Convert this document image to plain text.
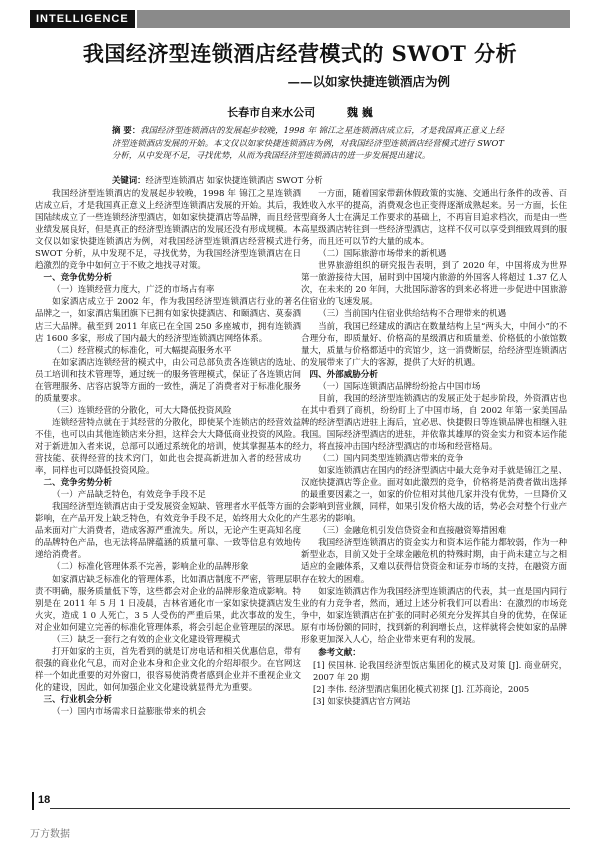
INTELLIGENCE
我国经济型连锁酒店经营模式的 SWOT 分析
——以如家快捷连锁酒店为例
长春市自来水公司	魏 巍
摘 要：我国经济型连锁酒店的发展起步较晚，1998 年 锦江之星连锁酒店成立后，才是我国真正意义上经济型连锁酒店发展的开始。本文仅以如家快捷连锁酒店为例，对我国经济型连锁酒店经营模式进行 SWOT 分析，从中发现不足，寻找优势，从而为我国经济型连锁酒店的进一步发展提出建议。
关键词：经济型连锁酒店 如家快捷连锁酒店 SWOT 分析

我国经济型连锁酒店的发展起步较晚，1998 年 锦江之星连锁酒店成立后，才是我国真正意义上经济型连锁酒店发展的开始。其后，我国陆续成立了一些连锁经济型酒店，如如家快捷酒店等品牌，而且经营业绩发展良好，但是真正的经济型连锁酒店的发展还没有形成规模。本文仅以如家快捷连锁酒店为例，对我国经济型连锁酒店经营模式进行 SWOT 分析，从中发现不足，寻找优势，为我国经济型连锁酒店在日趋激烈的竞争中如何立于不败之地找寻对策。

一、竞争优势分析

（一）连锁经营力度大，广泛的市场占有率

如家酒店成立于 2002 年，作为我国经济型连锁酒店行业的著名品牌之一，如家酒店集团旗下已拥有如家快捷酒店、和颐酒店、莫泰酒店三大品牌。截至到 2011 年底已在全国 250 多座城市，拥有连锁酒店 1600 多家，形成了国内最大的经济型连锁酒店网络体系。

（二）经营模式的标准化，可大幅提高服务水平

在如家酒店连锁经营的模式中，由公司总部负责各连锁店的选址、员工培训和技术管理等，通过统一的服务管理模式，保证了各连锁店间在管理服务、店容店貌等方面的一致性，满足了消费者对于标准化服务的质量要求。

（三）连锁经营的分散化，可大大降低投资风险

连锁经营特点就在于其经营的分散化，即使某个连锁店的经营效益不佳，也可以由其他连锁店来分担，这样会大大降低商业投资的风险。对于新进加入者来说，总部可以通过系统化的培训，使其掌握基本的经营技能、获得经营的技术窍门，如此也会提高新进加入者的经营成功率，同样也可以降低投资风险。

二、竞争劣势分析

（一）产品缺乏特色，有效竞争手段不足

我国经济型连锁酒店由于受发展资金短缺、管理者水平低等方面的影响，在产品开发上缺乏特色，有效竞争手段不足，始终用大众化的产品来面对广大消费者，造成客源严重流失。所以，无论产生更高知名度的品牌特色产品，也无法将品牌蕴涵的质量可靠、一致等信息有效地传递给消费者。

（二）标准化管理体系不完善，影响企业的品牌形象

如家酒店缺乏标准化的管理体系，比如酒店制度不严密，管理层职责不明确，服务质量低下等，这些都会对企业的品牌形象造成影响。特别是在 2011 年 5 月 1 日凌晨，吉林省通化市一家如家快捷酒店发生火灾，造成 1 0 人死亡，3 5 人受伤的严重后果，此次事故的发生，对企业如何建立完善的标准化管理体系，将会引起企业管理层的深思。

（三）缺乏一套行之有效的企业文化建设管理模式

打开如家的主页，首先看到的就是订房电话和相关优惠信息，带有很强的商业化气息，而对企业本身和企业文化的介绍却很少。在官网这样一个如此重要的对外窗口，很容易使消费者感到企业并不重视企业文化的建设，因此，如何加强企业文化建设就显得尤为重要。

三、行业机会分析

（一）国内市场需求日益膨胀带来的机会

一方面，随着国家带薪休假政策的实施、交通出行条件的改善、百姓收入水平的提高，消费观念也正变得逐渐成熟起来。另一方面，长住型商务人士在满足工作要求的基础上，不再盲目追求档次，而是由一些高星级酒店转往到一些经济型酒店，这样不仅可以享受到细致周到的服务，而且还可以节约大量的成本。

（二）国际旅游市场带来的新机遇

世界旅游组织的研究报告表明，到了 2020 年，中国将成为世界第一旅游接待大国，届时到中国境内旅游的外国客人将超过 1.37 亿人次，在未来的 20 年间，大批国际游客的到来必将进一步促进中国旅游住宿业的飞速发展。

（三）当前国内住宿业供给结构不合理带来的机遇

当前，我国已经建成的酒店在数量结构上呈“两头大，中间小”的不合理分布，即质量好、价格高的星级酒店和质量差、价格低的小旅馆数量大，质量与价格都适中的宾馆少，这一消费断层，给经济型连锁酒店的发展带来了广大的客源，提供了大好的机遇。

四、外部威胁分析

（一）国际连锁酒店品牌纷纷抢占中国市场

目前，我国的经济型连锁酒店的发展正处于起步阶段，外资酒店也在其中看到了商机，纷纷盯上了中国市场，自 2002 年第一家美国品牌的经济型酒店进驻上海后，宜必思、快捷假日等连锁品牌也相继入驻我国。国际经济型酒店的进驻，并依靠其雄厚的资金实力和资本运作能力，将直接冲击国内经济型酒店的市场和经营格局。

（二）国内同类型连锁酒店带来的竞争

如家连锁酒店在国内的经济型酒店中最大竞争对手就是锦江之星、汉庭快捷酒店等企业。面对如此激烈的竞争，价格将是消费者做出选择的最重要因素之一，如家的价位相对其他几家并没有优势，一旦降价又会影响到营业额，同样，如果引发价格大战的话，势必会对整个行业产生恶劣的影响。

（三）金融危机引发信贷资金和直接融资筹措困难

我国经济型连锁酒店的资金实力和资本运作能力都较弱，作为一种新型业态，目前又处于全球金融危机的特殊时期，由于尚未建立与之相适应的金融体系，又难以获得信贷资金和证券市场的支持，在融资方面存在较大的困难。

如家连锁酒店作为我国经济型连锁酒店的代表，其一直是国内同行业的有力竞争者，然而，通过上述分析我们可以看出：在激烈的市场竞争中，如家连锁酒店在扩张的同时必须充分发挥其自身的优势，在保证原有市场份额的同时，找到新的利润增长点，这样就将会使如家的品牌形象更加深入人心，给企业带来更有利的发展。

参考文献：

[1] 侯国林. 论我国经济型饭店集团化的模式及对策 [J]. 商业研究，2007 年 20 期

[2] 李伟. 经济型酒店集团化模式初探 [J]. 江苏商论，2005

[3] 如家快捷酒店官方网站

18
万方数据
